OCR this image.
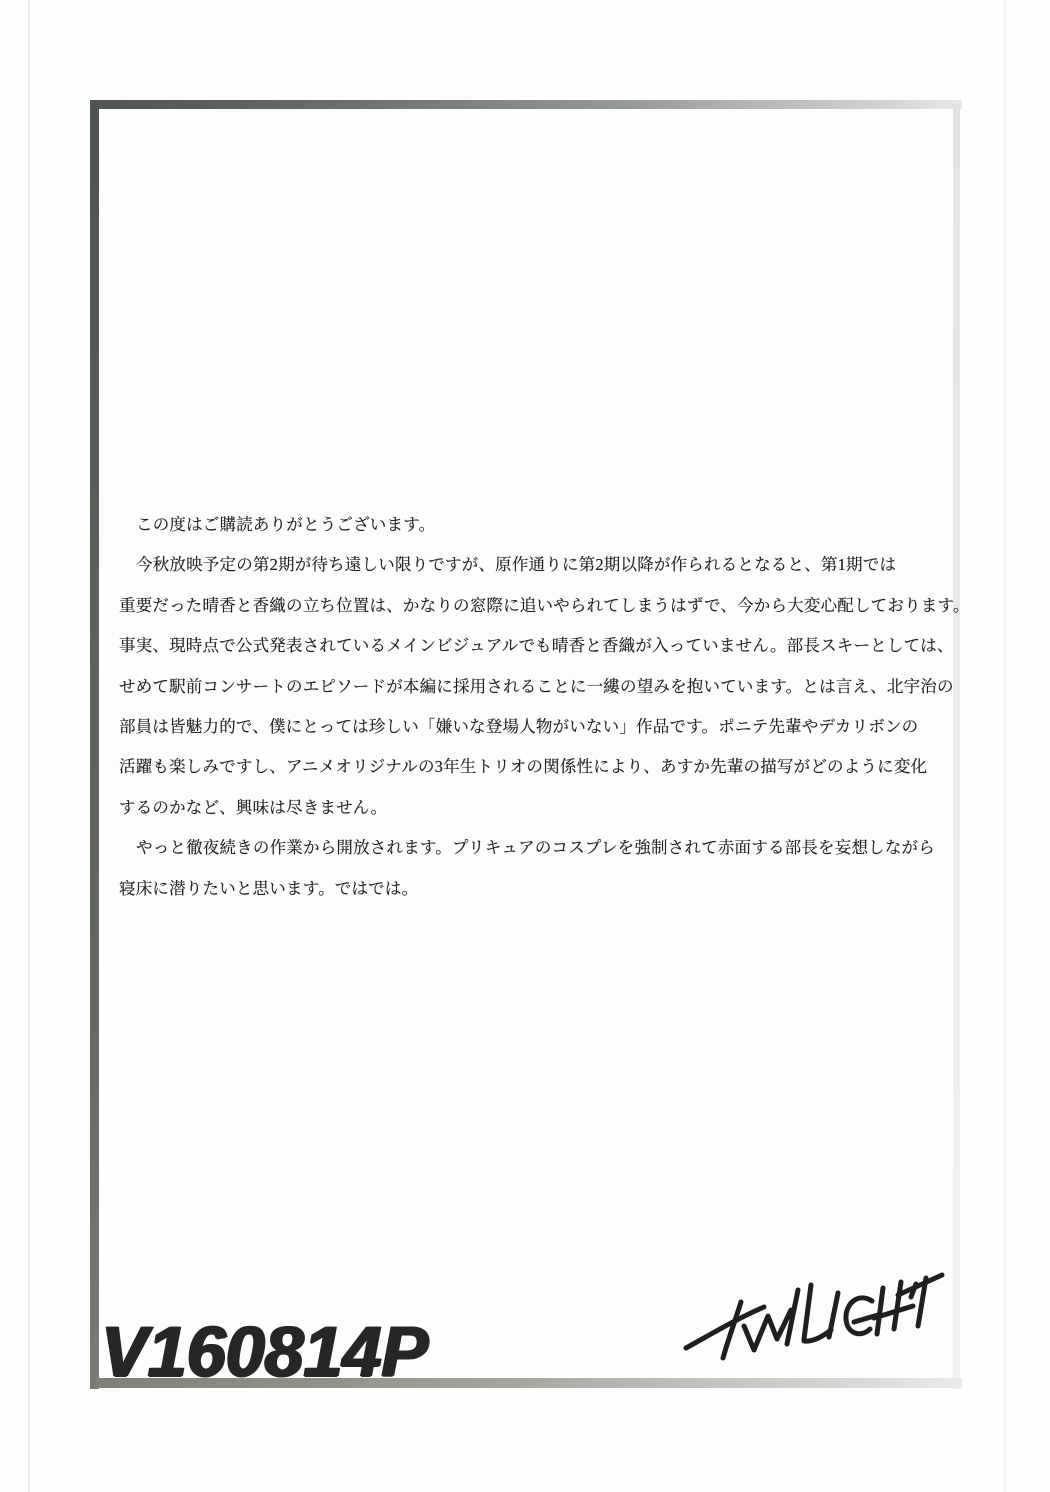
この度はご購読ありがとうございます。
今秋放映予定の第2期が待ち遠しい限りですが、原作通りに第2期以降が作られるとなると、第1期では
重要だった晴香と香織の立ち位置は、かなりの窓際に追いやられてしまうはずで、今から大変心配しております。
事実、現時点で公式発表されているメインビジュアルでも晴香と香織が入っていません。部長スキーとしては、
せめて駅前コンサートのエピソードが本編に採用されることに一縷の望みを抱いています。とは言え、北宇治の
部員は皆魅力的で、僕にとっては珍しい「嫌いな登場人物がいない」作品です。ポニテ先輩やデカリボンの
活躍も楽しみですし、アニメオリジナルの3年生トリオの関係性により、あすか先輩の描写がどのように変化
するのかなど、興味は尽きません。
やっと徹夜続きの作業から開放されます。プリキュアのコスプレを強制されて赤面する部長を妄想しながら
寝床に潜りたいと思います。ではでは。
V160814P
